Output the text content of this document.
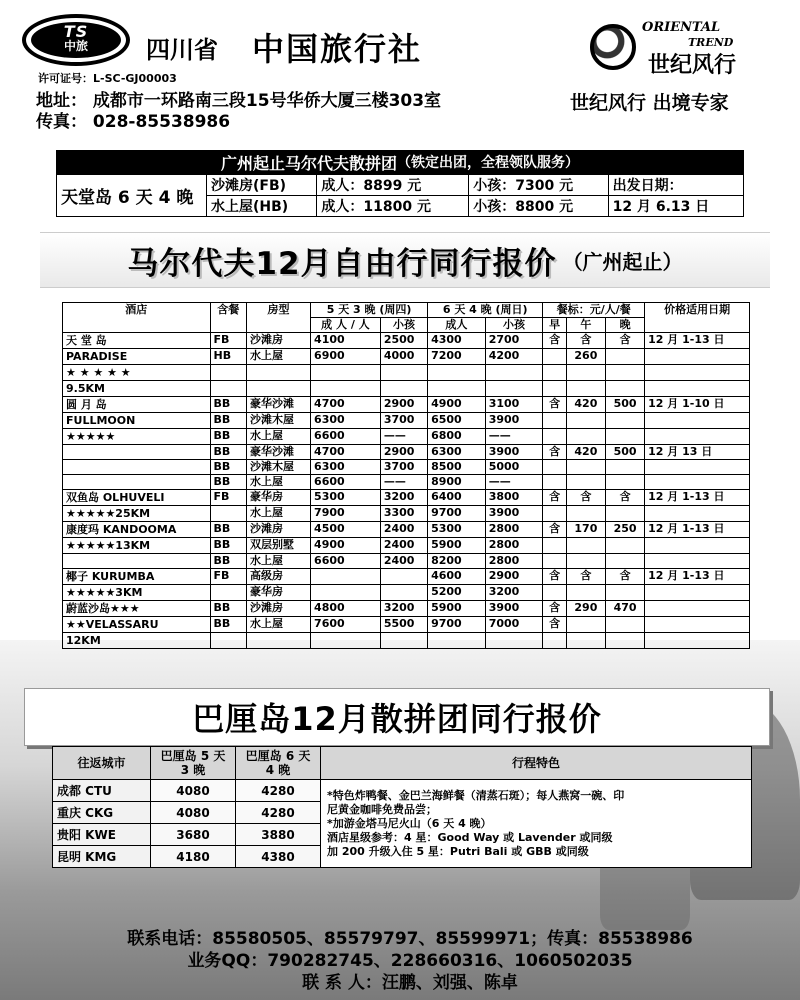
TS
中旅	四川省 中国旅行社
许可证号：L-SC-GJ00003
地址： 成都市一环路南三段15号华侨大厦三楼303室
传真： 028-85538986
ORIENTAL
TREND
世纪风行
世纪风行 出境专家
广州起止马尔代夫散拼团 （铁定出团，全程领队服务）
天堂岛 6 天 4 晚	沙滩房(FB)	成人：8899 元	小孩：7300 元	出发日期：
	水上屋(HB)	成人：11800 元	小孩：8800 元	12 月 6.13 日
马尔代夫12月自由行同行报价 （广州起止）
酒店	含餐	房型	5 天 3 晚 (周四)		6 天 4 晚 (周日)		餐标：元/人/餐			价格适用日期
			成 人 / 人	小孩	成人	小孩	早	午	晚	
天 堂 岛	FB	沙滩房	4100	2500	4300	2700	含	含	含	12 月 1-13 日
PARADISE	HB	水上屋	6900	4000	7200	4200		260		
★ ★ ★ ★ ★										
9.5KM										
圆 月 岛	BB	豪华沙滩	4700	2900	4900	3100	含	420	500	12 月 1-10 日
FULLMOON	BB	沙滩木屋	6300	3700	6500	3900				
★★★★★	BB	水上屋	6600	——	6800	——				
	BB	豪华沙滩	4700	2900	6300	3900	含	420	500	12 月 13 日
	BB	沙滩木屋	6300	3700	8500	5000				
	BB	水上屋	6600	——	8900	——				
双鱼岛 OLHUVELI	FB	豪华房	5300	3200	6400	3800	含	含	含	12 月 1-13 日
★★★★★25KM		水上屋	7900	3300	9700	3900				
康度玛 KANDOOMA	BB	沙滩房	4500	2400	5300	2800	含	170	250	12 月 1-13 日
★★★★★13KM	BB	双层别墅	4900	2400	5900	2800				
	BB	水上屋	6600	2400	8200	2800				
椰子 KURUMBA	FB	高级房			4600	2900	含	含	含	12 月 1-13 日
★★★★★3KM		豪华房			5200	3200				
蔚蓝沙岛★★★	BB	沙滩房	4800	3200	5900	3900	含	290	470	
★★VELASSARU	BB	水上屋	7600	5500	9700	7000	含			
12KM										
巴厘岛12月散拼团同行报价
往返城市	巴厘岛 5 天 3 晚	巴厘岛 6 天 4 晚	行程特色
成都 CTU	4080	4280	*特色炸鸭餐、金巴兰海鲜餐（清蒸石斑）；每人燕窝一碗、印
尼黄金咖啡免费品尝；
*加游金塔马尼火山（6 天 4 晚）
酒店星级参考：4 星：Good Way 或 Lavender 或同级
加 200 升级入住 5 星：Putri Bali 或 GBB 或同级

重庆 CKG	4080	4280	
贵阳 KWE	3680	3880	
昆明 KMG	4180	4380	
联系电话：85580505、85579797、85599971；传真：85538986
业务QQ：790282745、228660316、1060502035
联 系 人：汪鹏、刘强、陈卓
